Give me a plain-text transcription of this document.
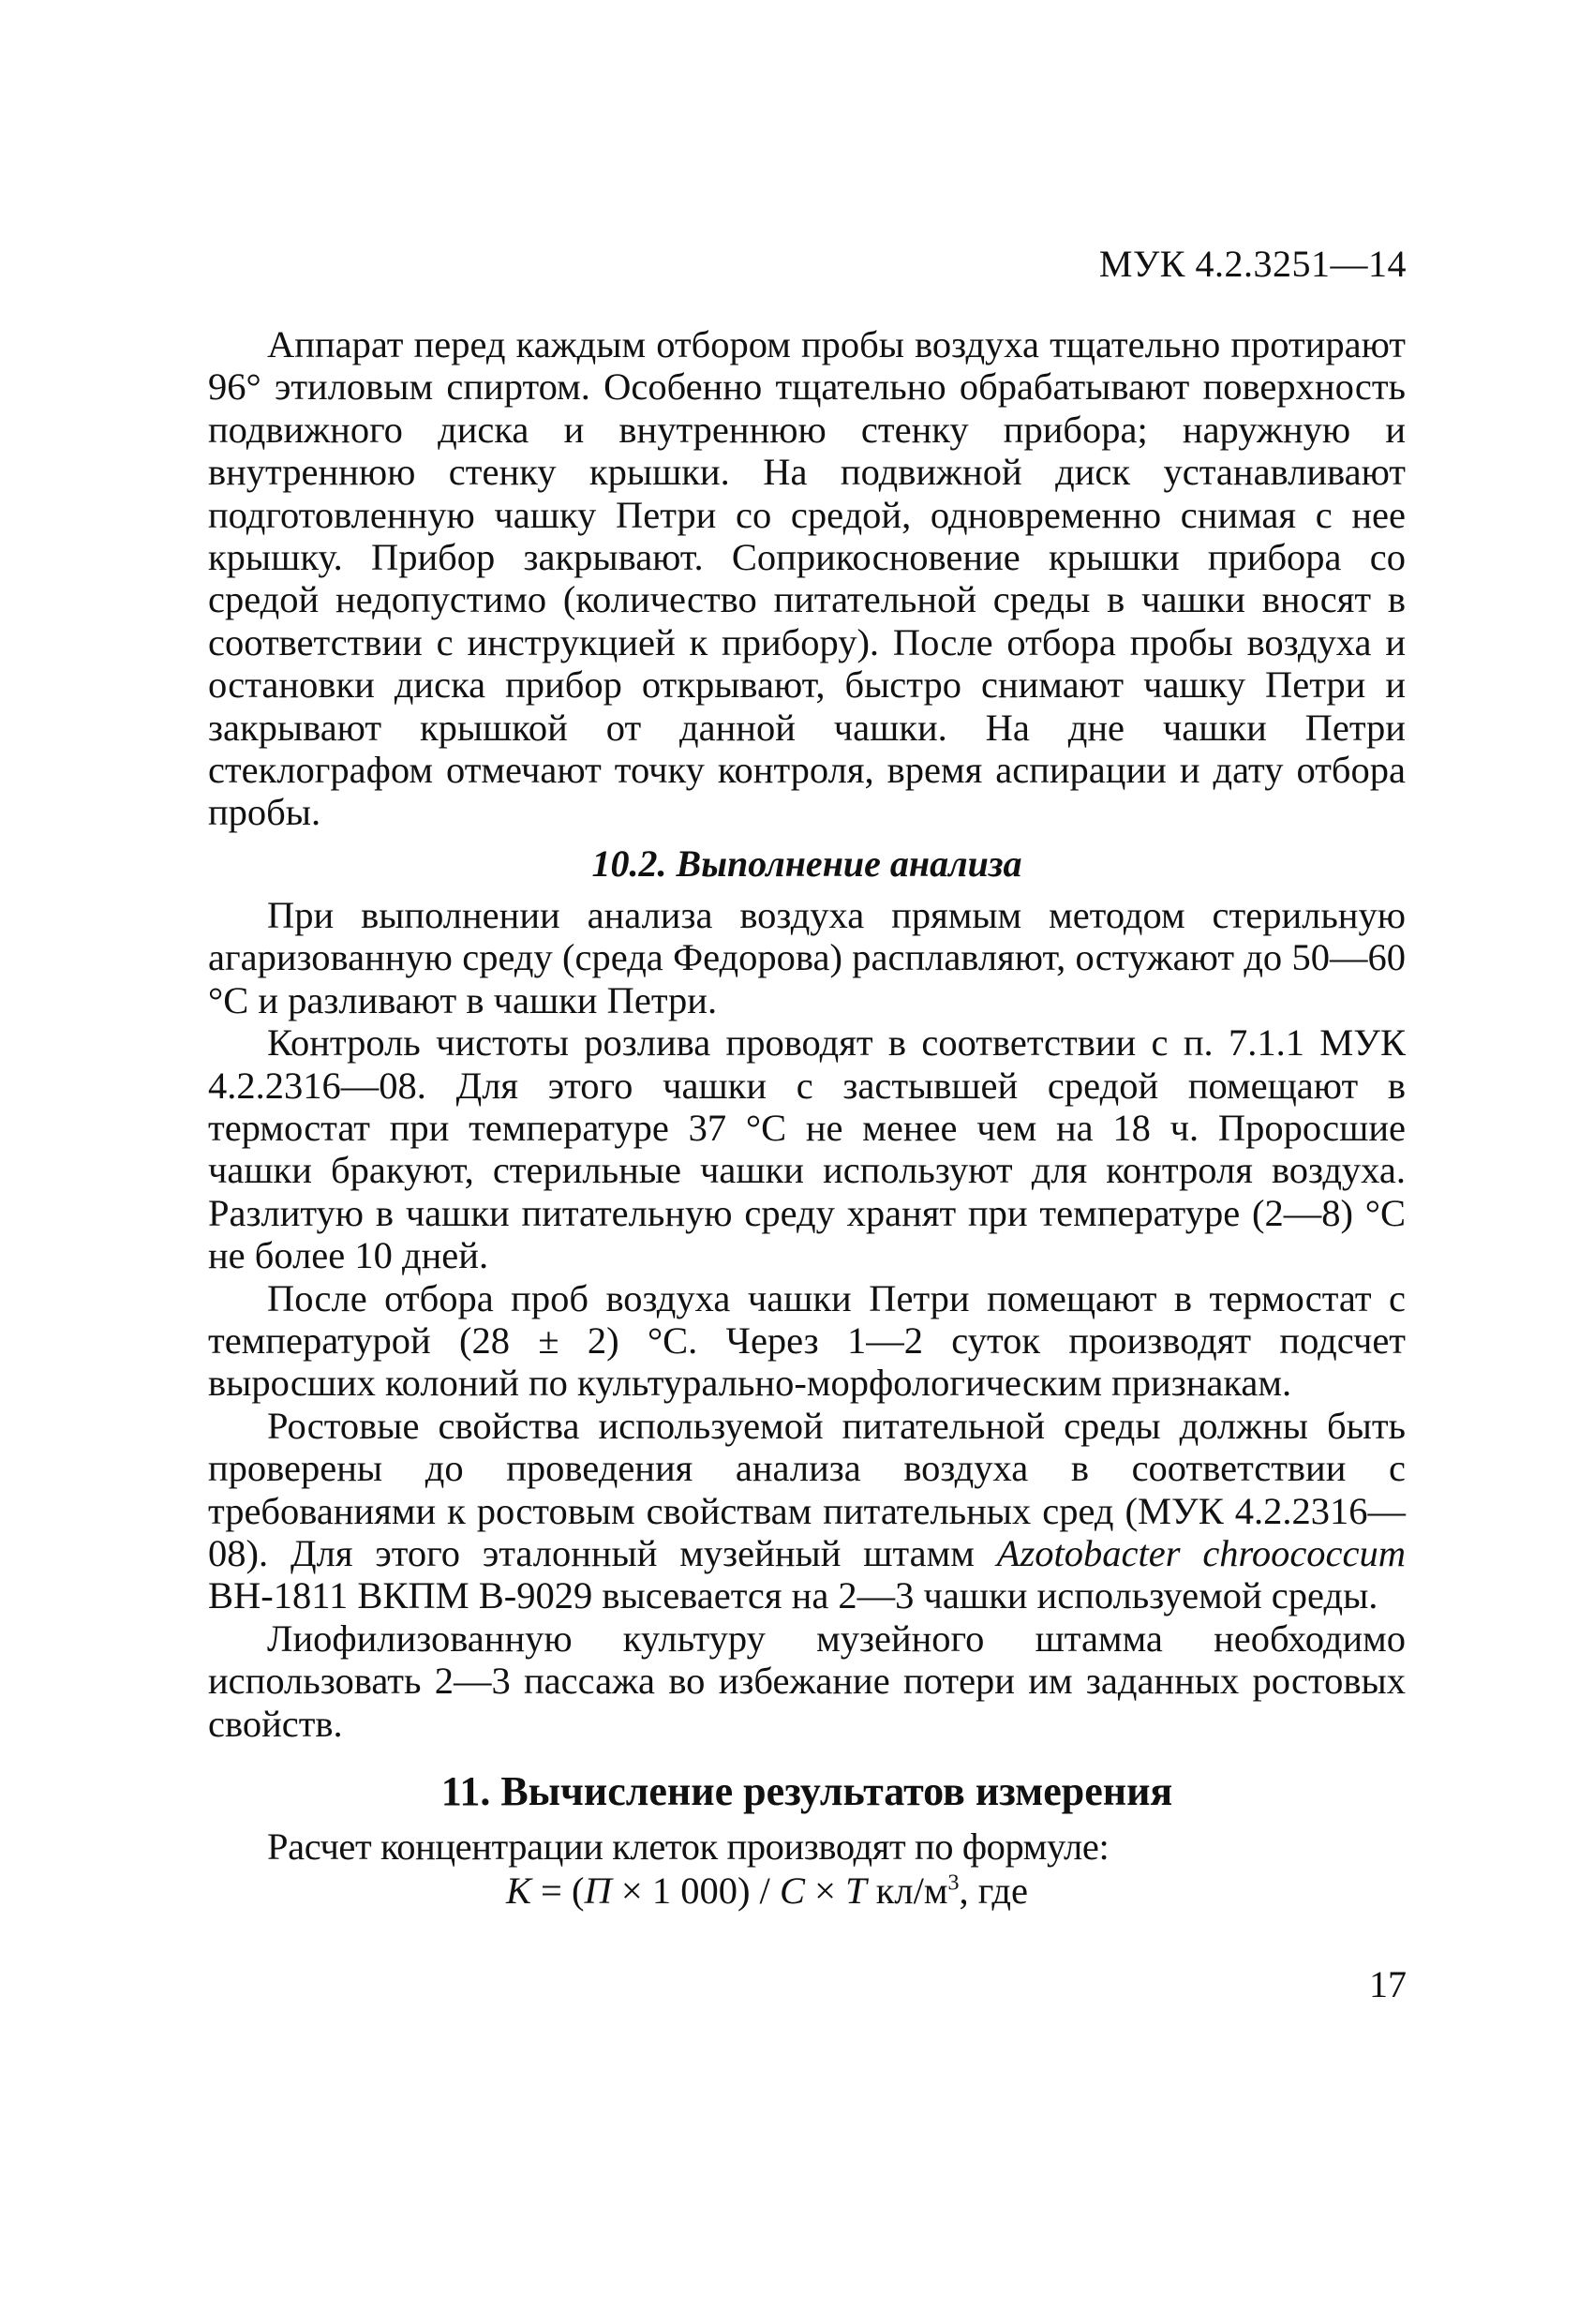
МУК 4.2.3251—14

Аппарат перед каждым отбором пробы воздуха тщательно протирают 96° этиловым спиртом. Особенно тщательно обрабатывают поверхность подвижного диска и внутреннюю стенку прибора; наружную и внутреннюю стенку крышки. На подвижной диск устанавливают подготовленную чашку Петри со средой, одновременно снимая с нее крышку. Прибор закрывают. Соприкосновение крышки прибора со средой недопустимо (количество питательной среды в чашки вносят в соответствии с инструкцией к прибору). После отбора пробы воздуха и остановки диска прибор открывают, быстро снимают чашку Петри и закрывают крышкой от данной чашки. На дне чашки Петри стеклографом отмечают точку контроля, время аспирации и дату отбора пробы.

10.2. Выполнение анализа

При выполнении анализа воздуха прямым методом стерильную агаризованную среду (среда Федорова) расплавляют, остужают до 50—60 °С и разливают в чашки Петри.

Контроль чистоты розлива проводят в соответствии с п. 7.1.1 МУК 4.2.2316—08. Для этого чашки с застывшей средой помещают в термостат при температуре 37 °С не менее чем на 18 ч. Проросшие чашки бракуют, стерильные чашки используют для контроля воздуха. Разлитую в чашки питательную среду хранят при температуре (2—8) °С не более 10 дней.

После отбора проб воздуха чашки Петри помещают в термостат с температурой (28 ± 2) °С. Через 1—2 суток производят подсчет выросших колоний по культурально-морфологическим признакам.

Ростовые свойства используемой питательной среды должны быть проверены до проведения анализа воздуха в соответствии с требованиями к ростовым свойствам питательных сред (МУК 4.2.2316—08). Для этого эталонный музейный штамм Azotobacter chroococcum ВН-1811 ВКПМ В-9029 высевается на 2—3 чашки используемой среды.

Лиофилизованную культуру музейного штамма необходимо использовать 2—3 пассажа во избежание потери им заданных ростовых свойств.

11. Вычисление результатов измерения

Расчет концентрации клеток производят по формуле:

К = (П × 1 000) / С × Т $кл/м^3$, где
17
